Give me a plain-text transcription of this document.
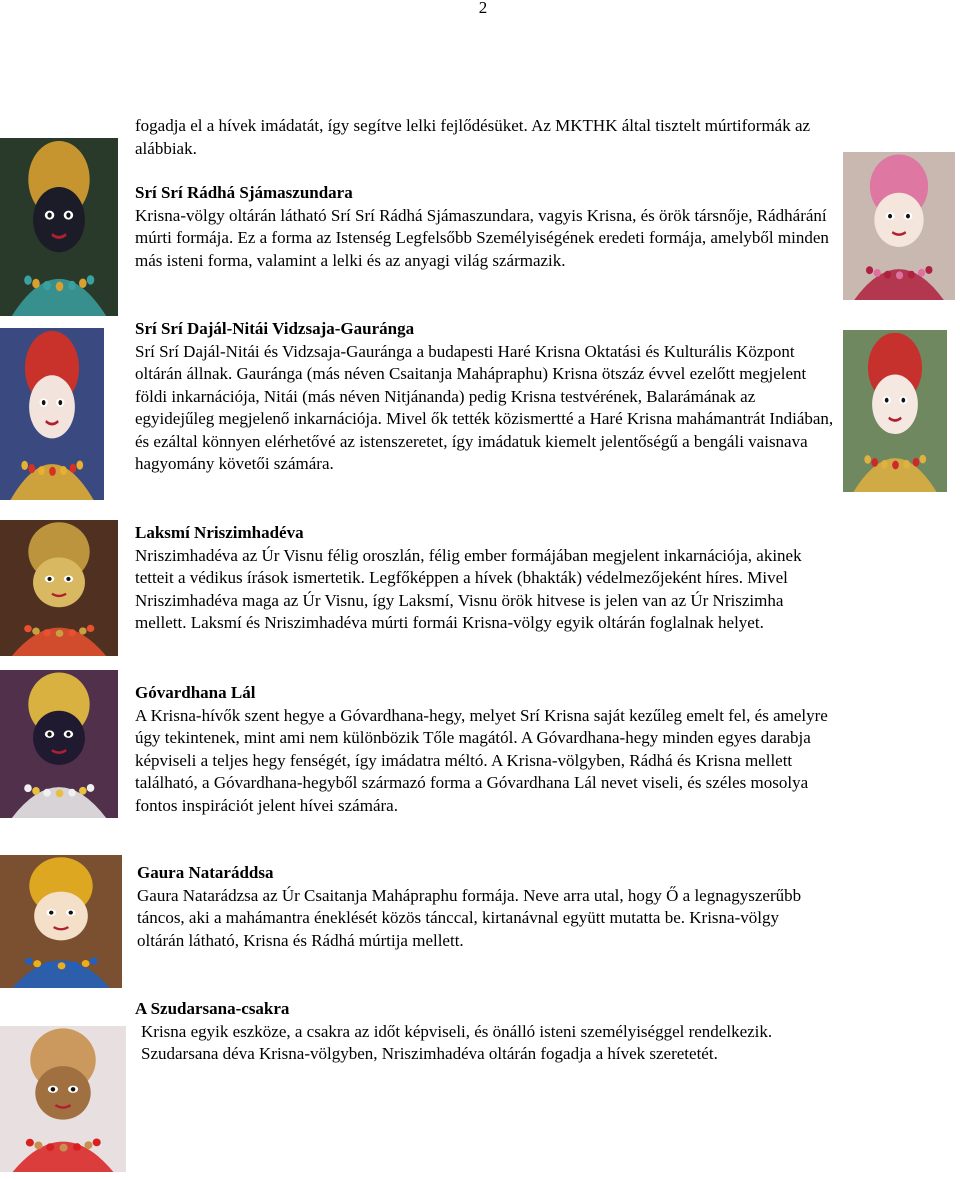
2

fogadja el a hívek imádatát, így segítve lelki fejlődésüket. Az MKTHK által tisztelt múrtiformák az alábbiak.

Srí Srí Rádhá Sjámaszundara

Krisna-völgy oltárán látható Srí Srí Rádhá Sjámaszundara, vagyis Krisna, és örök társnője, Rádhárání múrti formája. Ez a forma az Istenség Legfelsőbb Személyiségének eredeti formája, amelyből minden más isteni forma, valamint a lelki és az anyagi világ származik.

Srí Srí Dajál-Nitái Vidzsaja-Gauránga

Srí Srí Dajál-Nitái és Vidzsaja-Gauránga a budapesti Haré Krisna Oktatási és Kulturális Központ oltárán állnak. Gauránga (más néven Csaitanja Mahápraphu) Krisna ötszáz évvel ezelőtt megjelent földi inkarnációja, Nitái (más néven Nitjánanda) pedig Krisna testvérének, Balarámának az egyidejűleg megjelenő inkarnációja. Mivel ők tették közismertté a Haré Krisna mahámantrát Indiában, és ezáltal könnyen elérhetővé az istenszeretet, így imádatuk kiemelt jelentőségű a bengáli vaisnava hagyomány követői számára.

Laksmí Nriszimhadéva

Nriszimhadéva az Úr Visnu félig oroszlán, félig ember formájában megjelent inkarnációja, akinek tetteit a védikus írások ismertetik. Legfőképpen a hívek (bhakták) védelmezőjeként híres. Mivel Nriszimhadéva maga az Úr Visnu, így Laksmí, Visnu örök hitvese is jelen van az Úr Nriszimha mellett. Laksmí és Nriszimhadéva múrti formái Krisna-völgy egyik oltárán foglalnak helyet.

Góvardhana Lál

A Krisna-hívők szent hegye a Góvardhana-hegy, melyet Srí Krisna saját kezűleg emelt fel, és amelyre úgy tekintenek, mint ami nem különbözik Tőle magától. A Góvardhana-hegy minden egyes darabja képviseli a teljes hegy fenségét, így imádatra méltó. A Krisna-völgyben, Rádhá és Krisna mellett található, a Góvardhana-hegyből származó forma a Góvardhana Lál nevet viseli, és széles mosolya fontos inspirációt jelent hívei számára.

Gaura Nataráddsa

Gaura Natarádzsa az Úr Csaitanja Mahápraphu formája. Neve arra utal, hogy Ő a legnagyszerűbb táncos, aki a mahámantra éneklését közös tánccal, kirtanávnal együtt mutatta be. Krisna-völgy oltárán látható, Krisna és Rádhá múrtija mellett.

A Szudarsana-csakra

Krisna egyik eszköze, a csakra az időt képviseli, és önálló isteni személyiséggel rendelkezik. Szudarsana déva Krisna-völgyben, Nriszimhadéva oltárán fogadja a hívek szeretetét.
